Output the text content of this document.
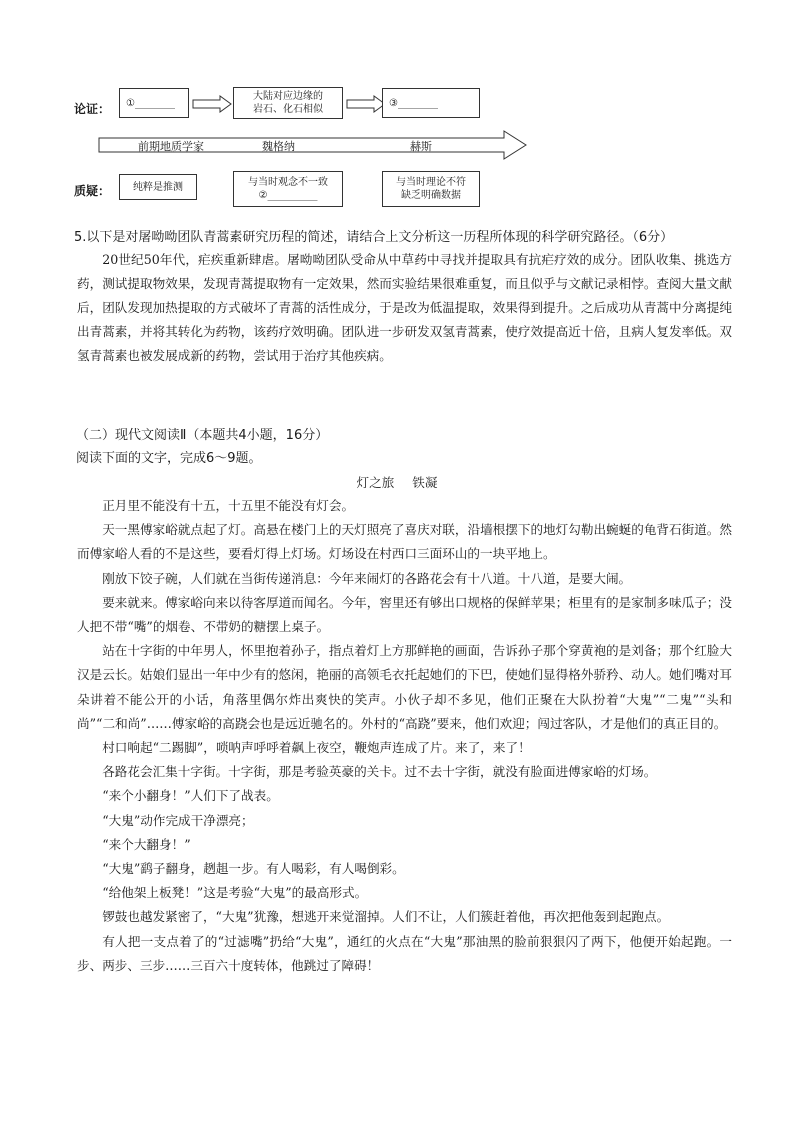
论证：
质疑：
①________
大陆对应边缘的
岩石、化石相似
③________
前期地质学家	魏格纳	赫斯
纯粹是推测	与当时观念不一致
②__________
与当时理论不符
缺乏明确数据
5.以下是对屠呦呦团队青蒿素研究历程的简述，请结合上文分析这一历程所体现的科学研究路径。（6分）

20世纪50年代，疟疾重新肆虐。屠呦呦团队受命从中草药中寻找并提取具有抗疟疗效的成分。团队收集、挑选方药，测试提取物效果，发现青蒿提取物有一定效果，然而实验结果很难重复，而且似乎与文献记录相悖。查阅大量文献后，团队发现加热提取的方式破坏了青蒿的活性成分，于是改为低温提取，效果得到提升。之后成功从青蒿中分离提纯出青蒿素，并将其转化为药物，该药疗效明确。团队进一步研发双氢青蒿素，使疗效提高近十倍，且病人复发率低。双氢青蒿素也被发展成新的药物，尝试用于治疗其他疾病。

（二）现代文阅读Ⅱ（本题共4小题，16分）
阅读下面的文字，完成6～9题。
灯之旅 铁凝

正月里不能没有十五，十五里不能没有灯会。

天一黑傅家峪就点起了灯。高悬在楼门上的天灯照亮了喜庆对联，沿墙根摆下的地灯勾勒出蜿蜒的龟背石街道。然而傅家峪人看的不是这些，要看灯得上灯场。灯场设在村西口三面环山的一块平地上。

刚放下饺子碗，人们就在当街传递消息：今年来闹灯的各路花会有十八道。十八道，是要大闹。

要来就来。傅家峪向来以待客厚道而闻名。今年，窖里还有够出口规格的保鲜苹果；柜里有的是家制多味瓜子；没人把不带“嘴”的烟卷、不带奶的糖摆上桌子。

站在十字街的中年男人，怀里抱着孙子，指点着灯上方那鲜艳的画面，告诉孙子那个穿黄袍的是刘备；那个红脸大汉是云长。姑娘们显出一年中少有的悠闲，艳丽的高领毛衣托起她们的下巴，使她们显得格外骄矜、动人。她们嘴对耳朵讲着不能公开的小话，角落里偶尔炸出爽快的笑声。小伙子却不多见，他们正聚在大队扮着“大鬼”“二鬼”“头和尚”“二和尚”……傅家峪的高跷会也是远近驰名的。外村的“高跷”要来，他们欢迎；闯过客队，才是他们的真正目的。

村口响起“二踢脚”，唢呐声呼呼着飙上夜空，鞭炮声连成了片。来了，来了！

各路花会汇集十字街。十字街，那是考验英豪的关卡。过不去十字街，就没有脸面进傅家峪的灯场。

“来个小翻身！”人们下了战表。

“大鬼”动作完成干净漂亮；

“来个大翻身！”

“大鬼”鹞子翻身，趔趄一步。有人喝彩，有人喝倒彩。

“给他架上板凳！”这是考验“大鬼”的最高形式。

锣鼓也越发紧密了，“大鬼”犹豫，想逃开来觉溜掉。人们不让，人们簇赶着他，再次把他轰到起跑点。

有人把一支点着了的“过滤嘴”扔给“大鬼”，通红的火点在“大鬼”那油黑的脸前狠狠闪了两下，他便开始起跑。一步、两步、三步……三百六十度转体，他跳过了障碍！
